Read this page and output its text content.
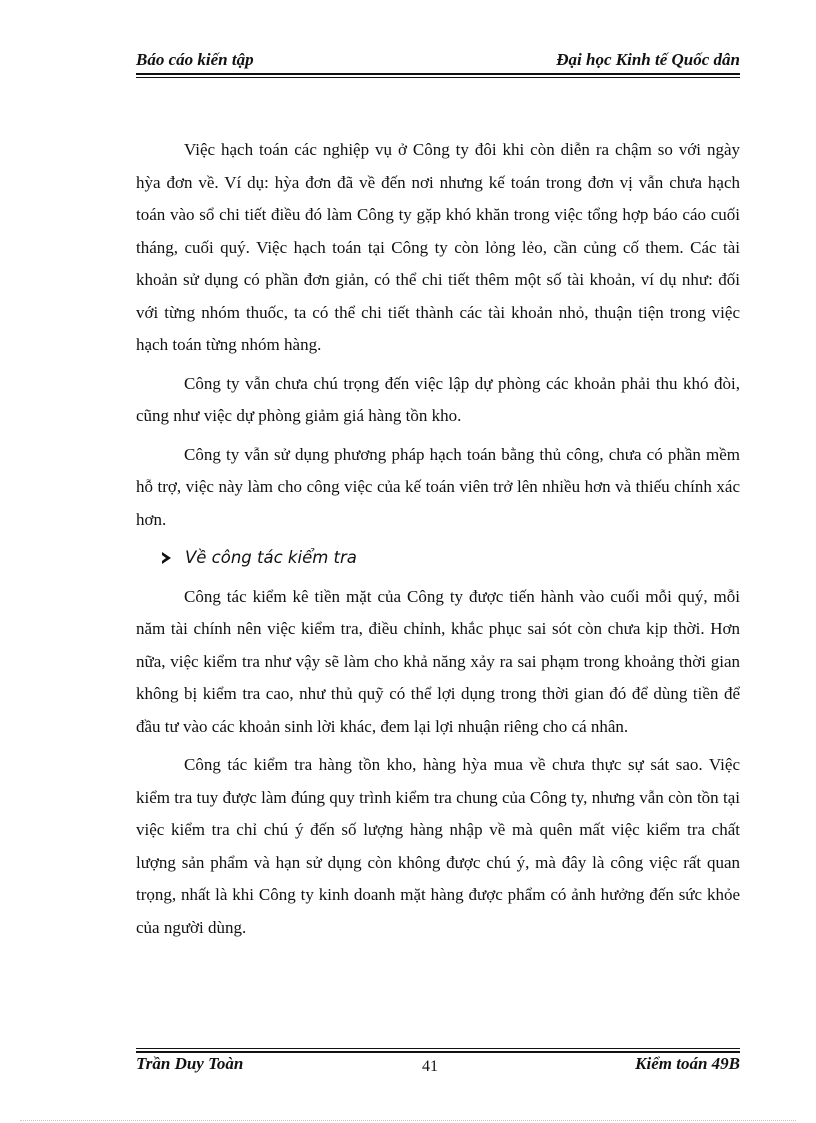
Báo cáo kiến tập	Đại học Kinh tế Quốc dân

Việc hạch toán các nghiệp vụ ở Công ty đôi khi còn diễn ra chậm so với ngày hỳa đơn về. Ví dụ: hỳa đơn đã về đến nơi nhưng kế toán trong đơn vị vẫn chưa hạch toán vào sổ chi tiết điều đó làm Công ty gặp khó khăn trong việc tổng hợp báo cáo cuối tháng, cuối quý. Việc hạch toán tại Công ty còn lỏng lẻo, cần củng cố them. Các tài khoản sử dụng có phần đơn giản, có thể chi tiết thêm một số tài khoản, ví dụ như: đối với từng nhóm thuốc, ta có thể chi tiết thành các tài khoản nhỏ, thuận tiện trong việc hạch toán từng nhóm hàng.

Công ty vẫn chưa chú trọng đến việc lập dự phòng các khoản phải thu khó đòi, cũng như việc dự phòng giảm giá hàng tồn kho.

Công ty vẫn sử dụng phương pháp hạch toán bằng thủ công, chưa có phần mềm hỗ trợ, việc này làm cho công việc của kế toán viên trở lên nhiều hơn và thiếu chính xác hơn.

Về công tác kiểm tra

Công tác kiểm kê tiền mặt của Công ty được tiến hành vào cuối mỗi quý, mỗi năm tài chính nên việc kiểm tra, điều chỉnh, khắc phục sai sót còn chưa kịp thời. Hơn nữa, việc kiểm tra như vậy sẽ làm cho khả năng xảy ra sai phạm trong khoảng thời gian không bị kiểm tra cao, như thủ quỹ có thể lợi dụng trong thời gian đó để dùng tiền để đầu tư vào các khoản sinh lời khác, đem lại lợi nhuận riêng cho cá nhân.

Công tác kiểm tra hàng tồn kho, hàng hỳa mua về chưa thực sự sát sao. Việc kiểm tra tuy được làm đúng quy trình kiểm tra chung của Công ty, nhưng vẫn còn tồn tại việc kiểm tra chỉ chú ý đến số lượng hàng nhập về mà quên mất việc kiểm tra chất lượng sản phẩm và hạn sử dụng còn không được chú ý, mà đây là công việc rất quan trọng, nhất là khi Công ty kinh doanh mặt hàng được phẩm có ảnh hưởng đến sức khỏe của người dùng.

Trần Duy Toàn	41	Kiểm toán 49B
